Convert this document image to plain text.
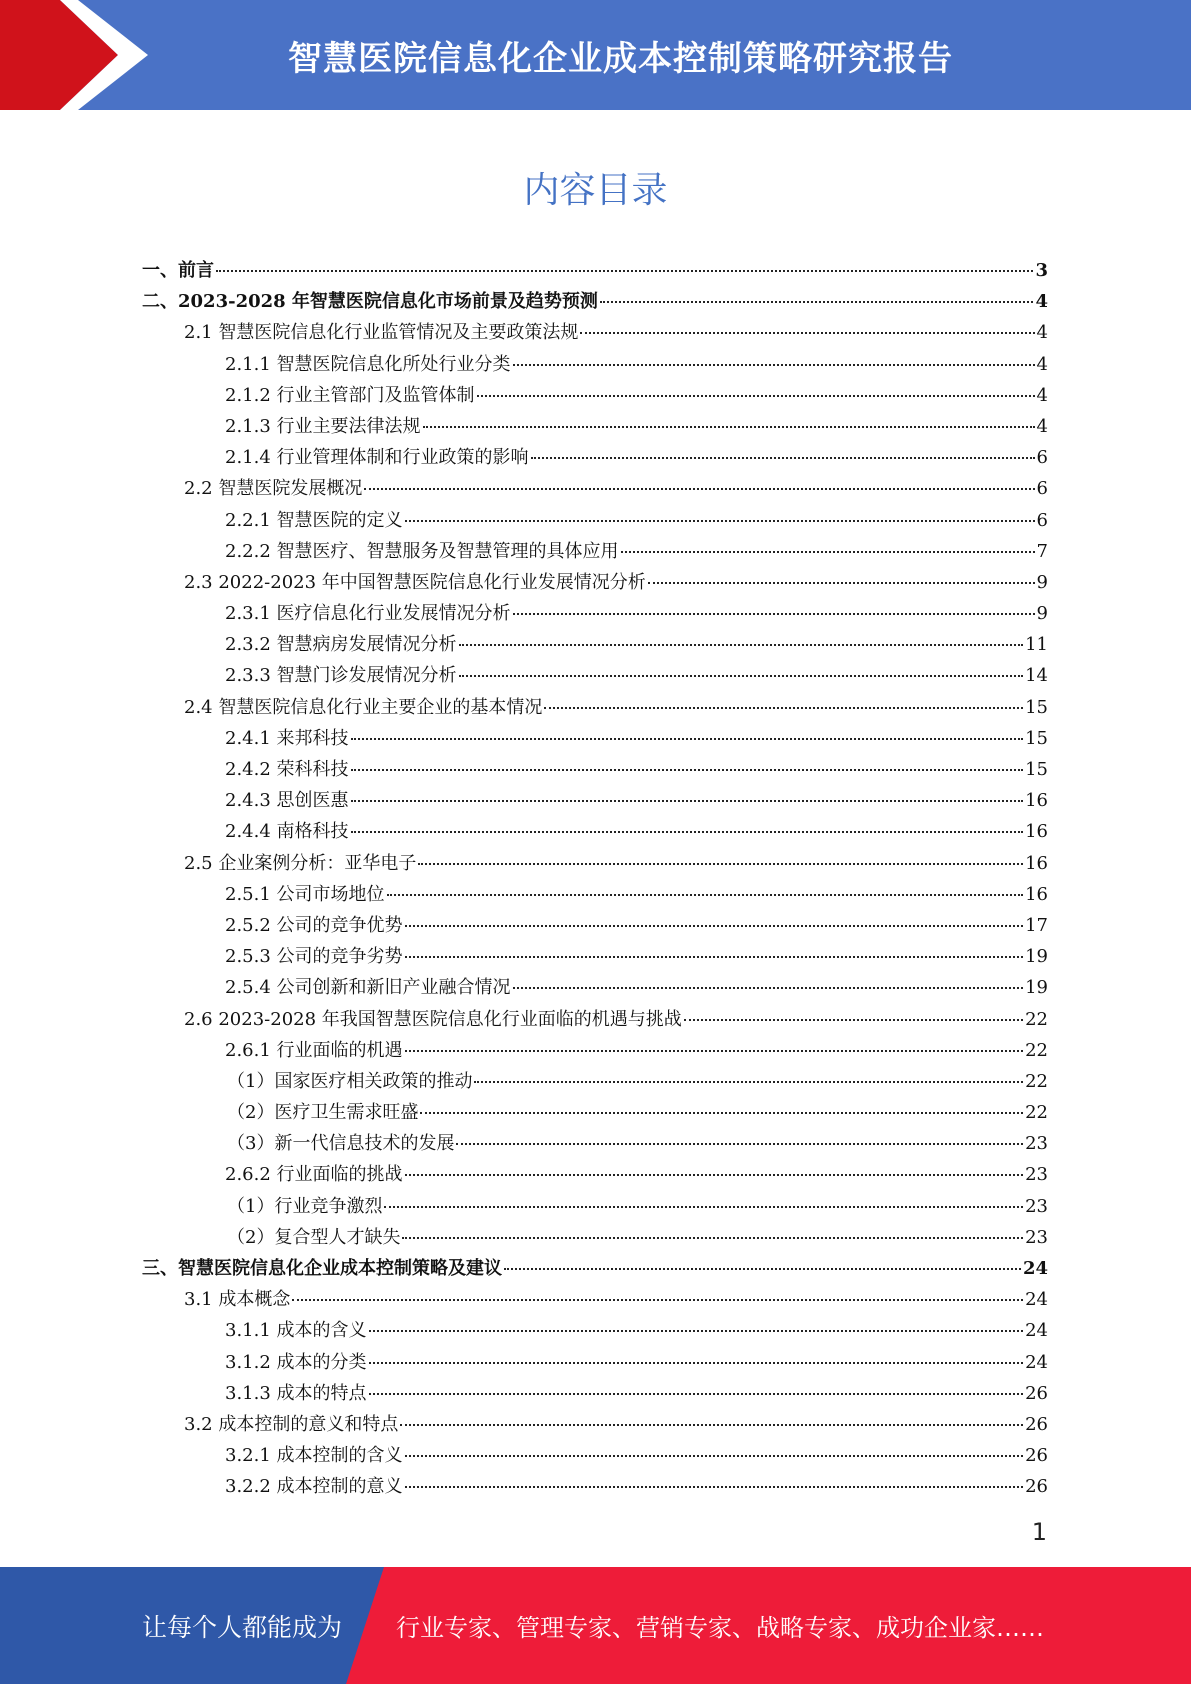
智慧医院信息化企业成本控制策略研究报告
内容目录
一、前言	3
二、2023-2028 年智慧医院信息化市场前景及趋势预测	4
2.1 智慧医院信息化行业监管情况及主要政策法规	4
2.1.1 智慧医院信息化所处行业分类	4
2.1.2 行业主管部门及监管体制	4
2.1.3 行业主要法律法规	4
2.1.4 行业管理体制和行业政策的影响	6
2.2 智慧医院发展概况	6
2.2.1 智慧医院的定义	6
2.2.2 智慧医疗、智慧服务及智慧管理的具体应用	7
2.3 2022-2023 年中国智慧医院信息化行业发展情况分析	9
2.3.1 医疗信息化行业发展情况分析	9
2.3.2 智慧病房发展情况分析	11
2.3.3 智慧门诊发展情况分析	14
2.4 智慧医院信息化行业主要企业的基本情况	15
2.4.1 来邦科技	15
2.4.2 荣科科技	15
2.4.3 思创医惠	16
2.4.4 南格科技	16
2.5 企业案例分析：亚华电子	16
2.5.1 公司市场地位	16
2.5.2 公司的竞争优势	17
2.5.3 公司的竞争劣势	19
2.5.4 公司创新和新旧产业融合情况	19
2.6 2023-2028 年我国智慧医院信息化行业面临的机遇与挑战	22
2.6.1 行业面临的机遇	22
（1）国家医疗相关政策的推动	22
（2）医疗卫生需求旺盛	22
（3）新一代信息技术的发展	23
2.6.2 行业面临的挑战	23
（1）行业竞争激烈	23
（2）复合型人才缺失	23
三、智慧医院信息化企业成本控制策略及建议	24
3.1 成本概念	24
3.1.1 成本的含义	24
3.1.2 成本的分类	24
3.1.3 成本的特点	26
3.2 成本控制的意义和特点	26
3.2.1 成本控制的含义	26
3.2.2 成本控制的意义	26
1
让每个人都能成为 行业专家、管理专家、营销专家、战略专家、成功企业家……
